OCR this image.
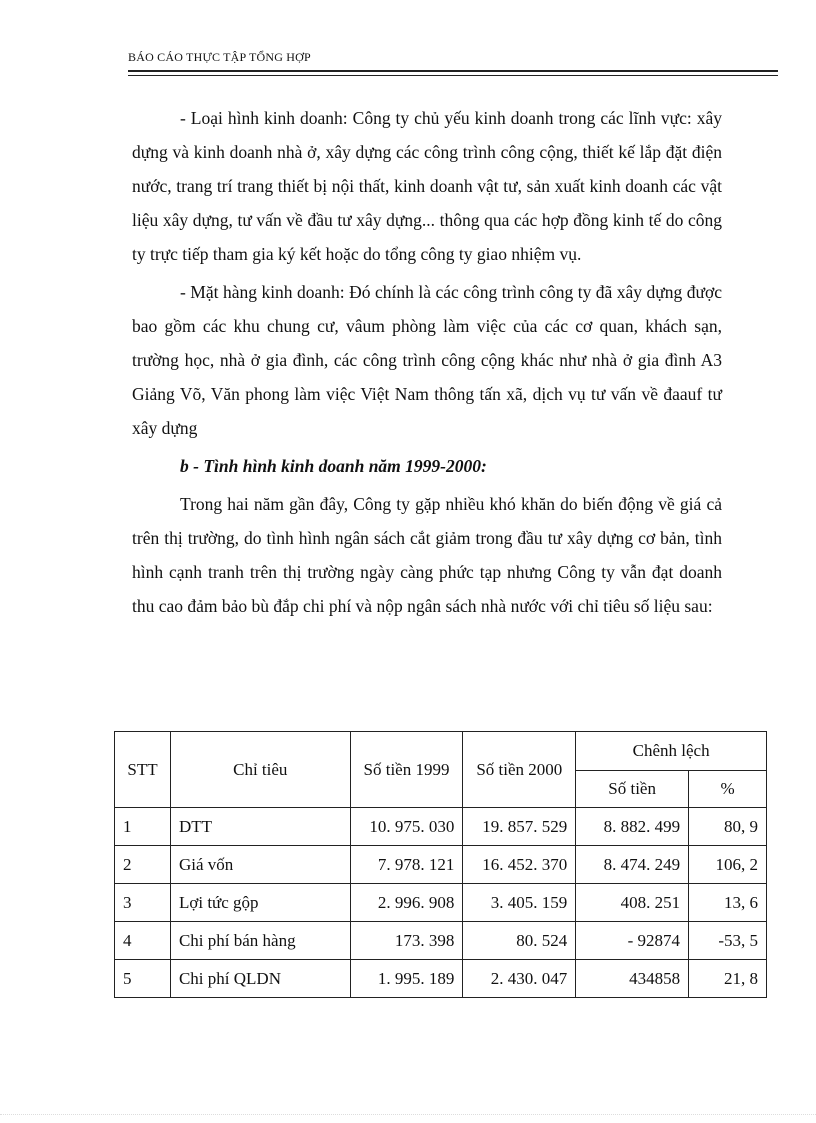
BÁO CÁO THỰC TẬP TỔNG HỢP

- Loại hình kinh doanh: Công ty chủ yếu kinh doanh trong các lĩnh vực: xây dựng và kinh doanh nhà ở, xây dựng các công trình công cộng, thiết kế lắp đặt điện nước, trang trí trang thiết bị nội thất, kinh doanh vật tư, sản xuất kinh doanh các vật liệu xây dựng, tư vấn về đầu tư xây dựng... thông qua các hợp đồng kinh tế do công ty trực tiếp tham gia ký kết hoặc do tổng công ty giao nhiệm vụ.

- Mặt hàng kinh doanh: Đó chính là các công trình công ty đã xây dựng được bao gồm các khu chung cư, vâum phòng làm việc của các cơ quan, khách sạn, trường học, nhà ở gia đình, các công trình công cộng khác như nhà ở gia đình A3 Giảng Võ, Văn phong làm việc Việt Nam thông tấn xã, dịch vụ tư vấn về đaauf tư xây dựng

b - Tình hình kinh doanh năm 1999-2000:

Trong hai năm gần đây, Công ty gặp nhiều khó khăn do biến động về giá cả trên thị trường, do tình hình ngân sách cắt giảm trong đầu tư xây dựng cơ bản, tình hình cạnh tranh trên thị trường ngày càng phức tạp nhưng Công ty vẫn đạt doanh thu cao đảm bảo bù đắp chi phí và nộp ngân sách nhà nước với chỉ tiêu số liệu sau:

STT	Chỉ tiêu	Số tiền 1999	Số tiền 2000	Chênh lệch	
				Số tiền	%
1	DTT	10. 975. 030	19. 857. 529	8. 882. 499	80, 9
2	Giá vốn	7. 978. 121	16. 452. 370	8. 474. 249	106, 2
3	Lợi tức gộp	2. 996. 908	3. 405. 159	408. 251	13, 6
4	Chi phí bán hàng	173. 398	80. 524	- 92874	-53, 5
5	Chi phí QLDN	1. 995. 189	2. 430. 047	434858	21, 8
